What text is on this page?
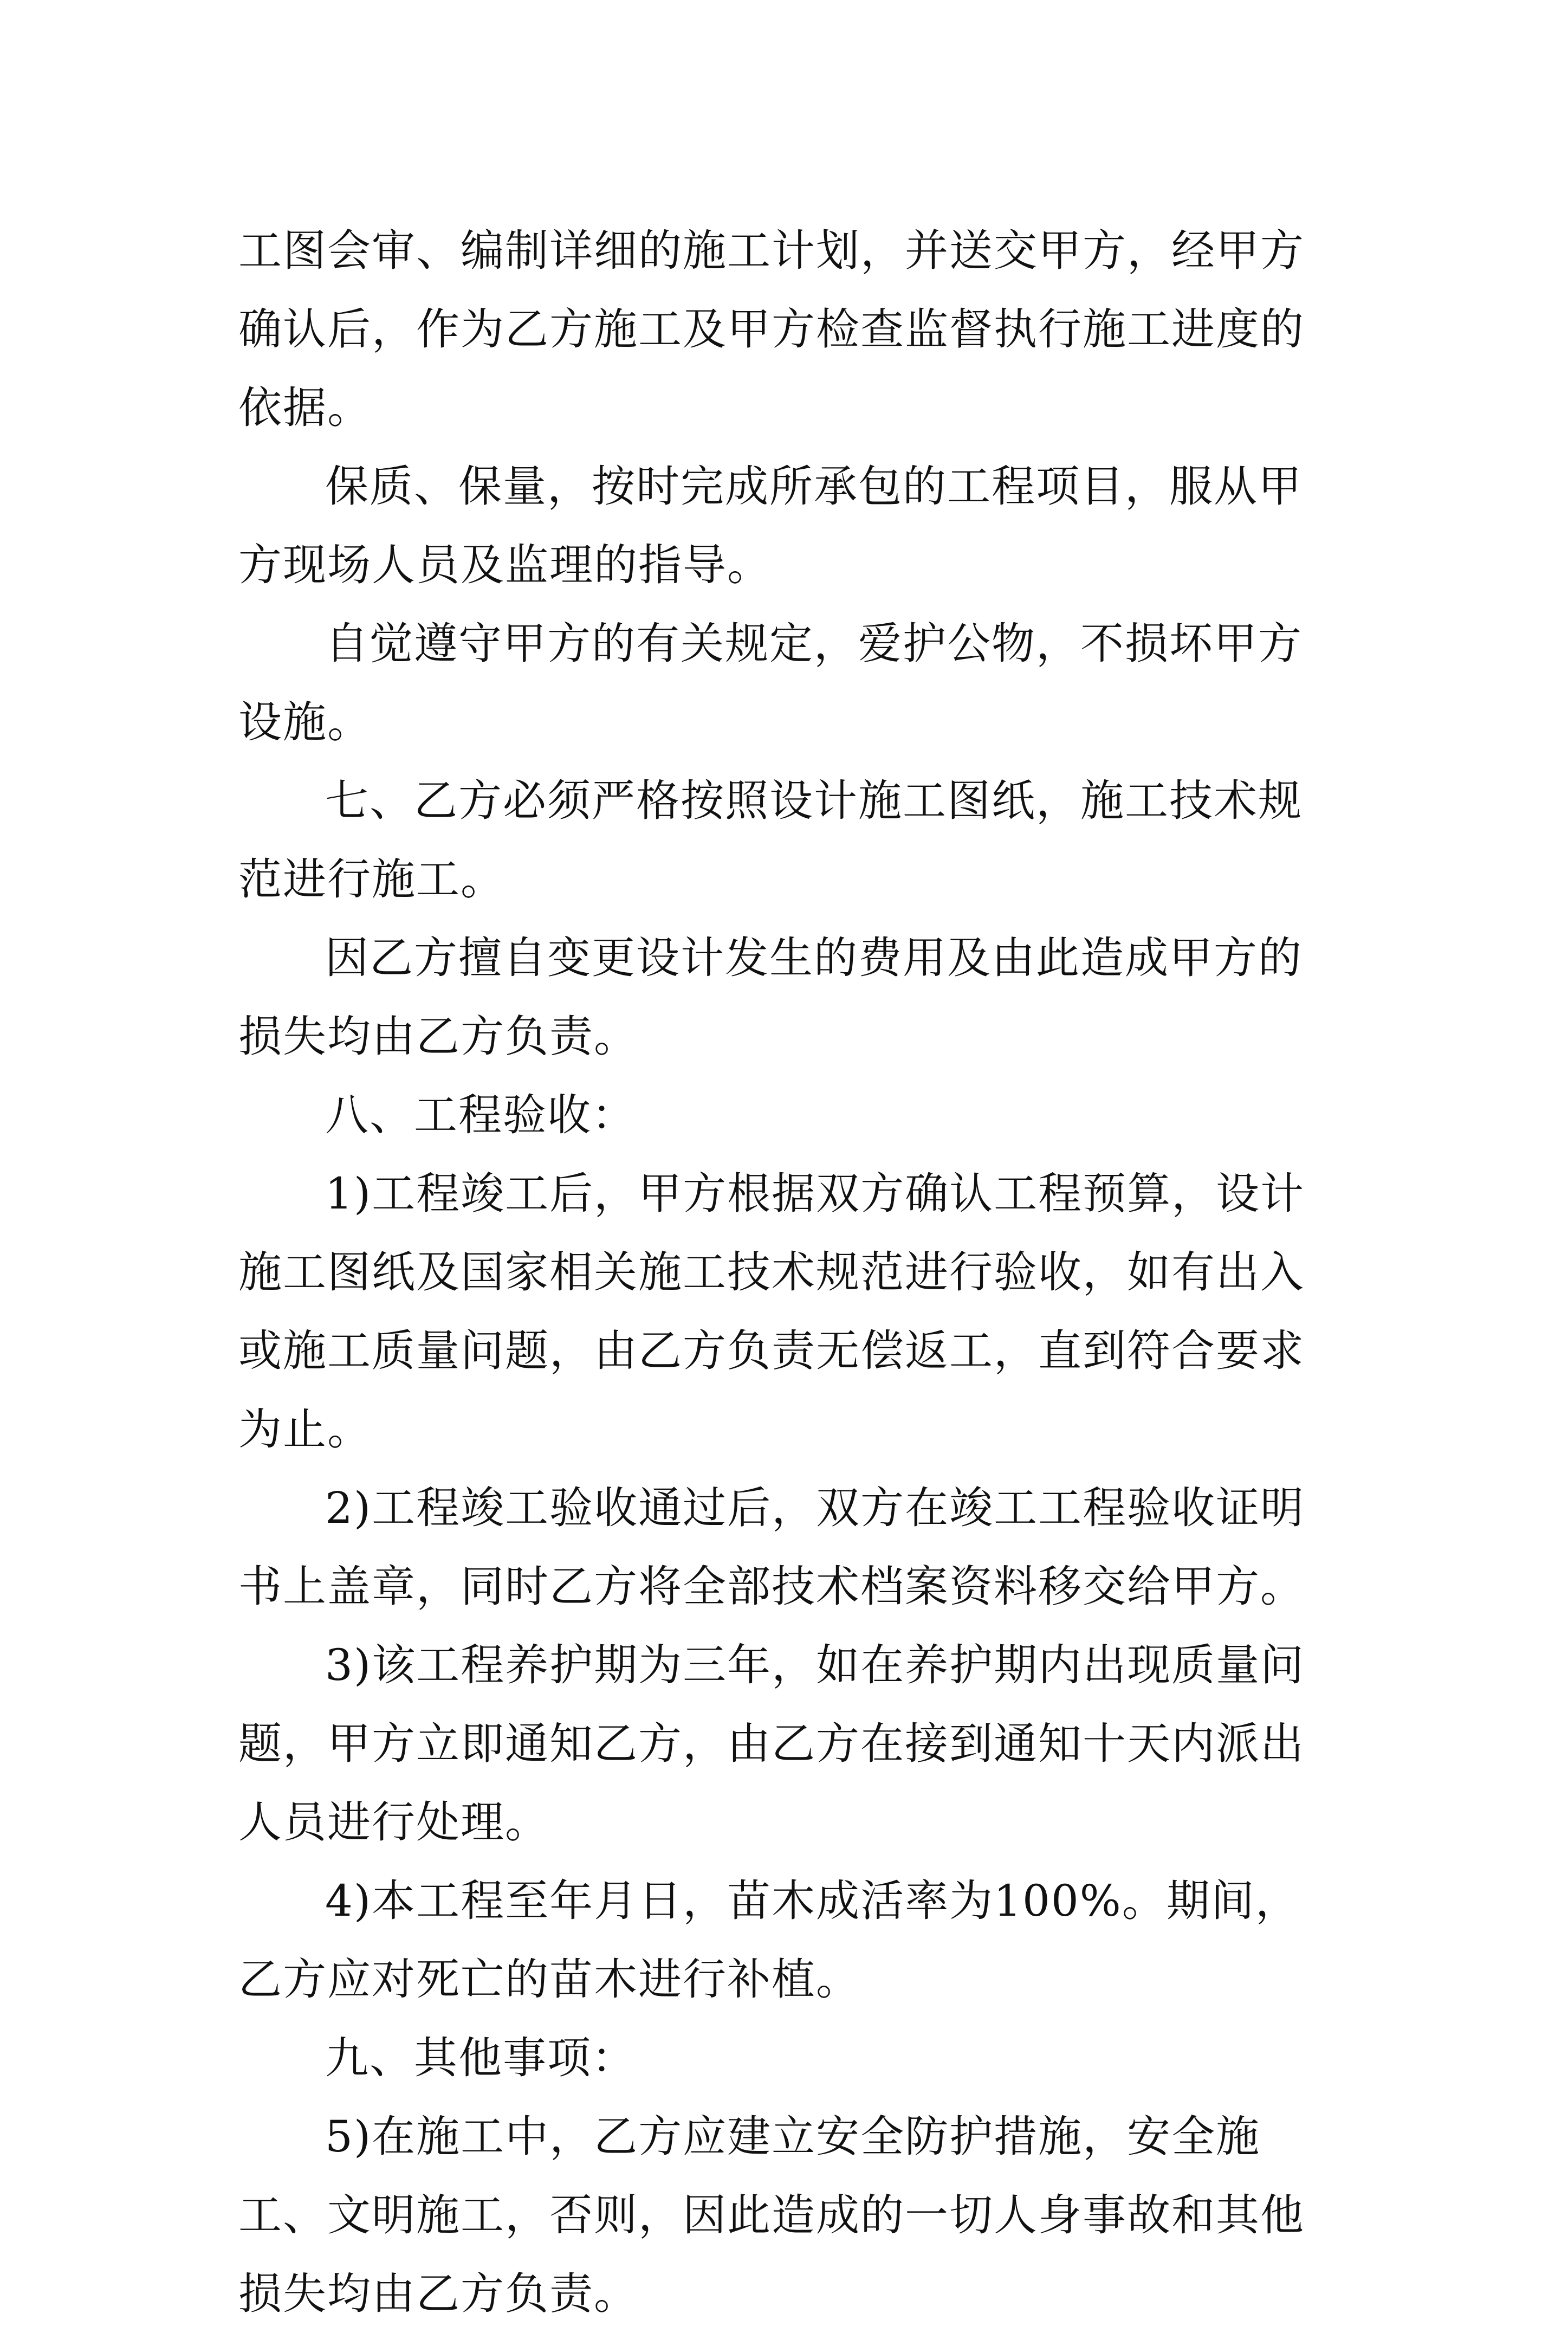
工图会审、编制详细的施工计划，并送交甲方，经甲方确认后，作为乙方施工及甲方检查监督执行施工进度的依据。

保质、保量，按时完成所承包的工程项目，服从甲方现场人员及监理的指导。

自觉遵守甲方的有关规定，爱护公物，不损坏甲方设施。

七、乙方必须严格按照设计施工图纸，施工技术规范进行施工。

因乙方擅自变更设计发生的费用及由此造成甲方的损失均由乙方负责。

八、工程验收：

1)工程竣工后，甲方根据双方确认工程预算，设计施工图纸及国家相关施工技术规范进行验收，如有出入或施工质量问题，由乙方负责无偿返工，直到符合要求为止。

2)工程竣工验收通过后，双方在竣工工程验收证明书上盖章，同时乙方将全部技术档案资料移交给甲方。

3)该工程养护期为三年，如在养护期内出现质量问题，甲方立即通知乙方，由乙方在接到通知十天内派出人员进行处理。

4)本工程至年月日，苗木成活率为100%。期间，乙方应对死亡的苗木进行补植。

九、其他事项：

5)在施工中，乙方应建立安全防护措施，安全施工、文明施工，否则，因此造成的一切人身事故和其他损失均由乙方负责。
